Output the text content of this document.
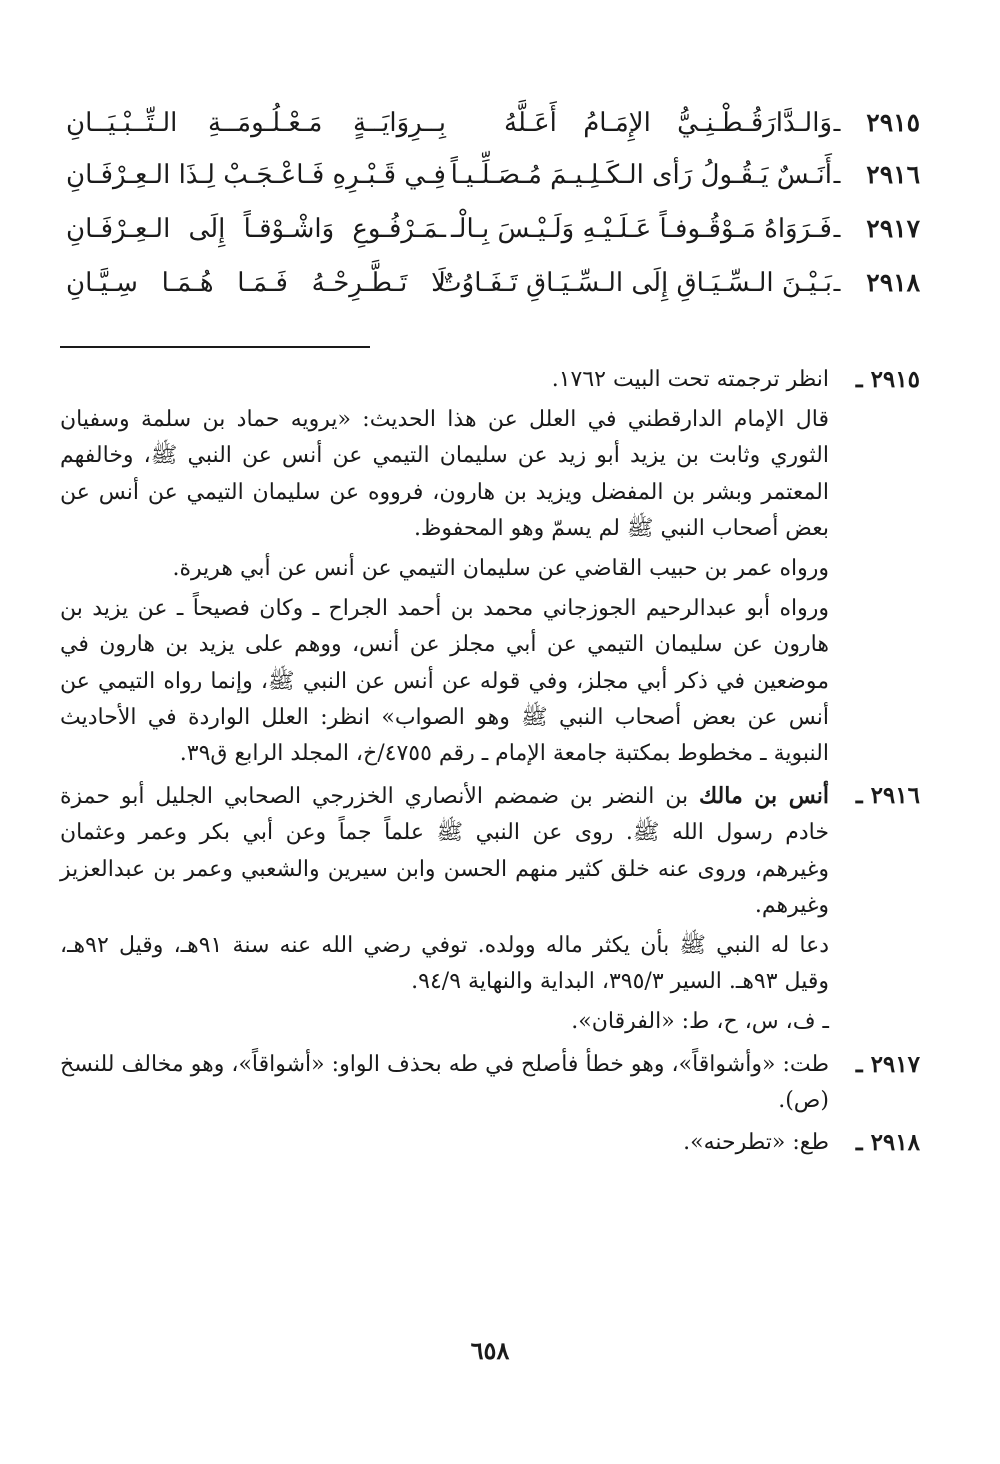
٢٩١٥
ـ
وَالـدَّارَقُـطْـنِـيُّ الإِمَـامُ أَعَـلَّهُ
بِــرِوَايَــةٍ مَـعْـلُـومَــةِ الـتِّــبْـيَــانِ
٢٩١٦
ـ
أَنَـسٌ يَـقُـولُ رَأى الـكَـلِـيـمَ مُـصَـلِّـيـاً
فِـي قَـبْـرِهِ فَـاعْـجَـبْ لِـذَا الـعِـرْفَـانِ
٢٩١٧
ـ
فَـرَوَاهُ مَـوْقُـوفـاً عَـلَـيْـهِ وَلَـيْـسَ بِـالْـ
ـمَـرْفُـوعِ وَاشْـوْقـاً إِلَى الـعِـرْفَـانِ
٢٩١٨
ـ
بَـيْـنَ الـسِّـيَـاقِ إِلَى الـسِّـيَـاقِ تَـفَـاوُتٌ
لَا تَـطَّـرِحْـهُ فَـمَـا هُـمَـا سِـيَّـانِ
٢٩١٥ ـ

انظر ترجمته تحت البيت ١٧٦٢.

قال الإمام الدارقطني في العلل عن هذا الحديث: «يرويه حماد بن سلمة وسفيان الثوري وثابت بن يزيد أبو زيد عن سليمان التيمي عن أنس عن النبي ﷺ، وخالفهم المعتمر وبشر بن المفضل ويزيد بن هارون، فرووه عن سليمان التيمي عن أنس عن بعض أصحاب النبي ﷺ لم يسمّ وهو المحفوظ.

ورواه عمر بن حبيب القاضي عن سليمان التيمي عن أنس عن أبي هريرة.

ورواه أبو عبدالرحيم الجوزجاني محمد بن أحمد الجراح ـ وكان فصيحاً ـ عن يزيد بن هارون عن سليمان التيمي عن أبي مجلز عن أنس، ووهم على يزيد بن هارون في موضعين في ذكر أبي مجلز، وفي قوله عن أنس عن النبي ﷺ، وإنما رواه التيمي عن أنس عن بعض أصحاب النبي ﷺ وهو الصواب» انظر: العلل الواردة في الأحاديث النبوية ـ مخطوط بمكتبة جامعة الإمام ـ رقم ٤٧٥٥/خ، المجلد الرابع ق٣٩.

٢٩١٦ ـ

أنس بن مالك بن النضر بن ضمضم الأنصاري الخزرجي الصحابي الجليل أبو حمزة خادم رسول الله ﷺ. روى عن النبي ﷺ علماً جماً وعن أبي بكر وعمر وعثمان وغيرهم، وروى عنه خلق كثير منهم الحسن وابن سيرين والشعبي وعمر بن عبدالعزيز وغيرهم.

دعا له النبي ﷺ بأن يكثر ماله وولده. توفي رضي الله عنه سنة ٩١هـ، وقيل ٩٢هـ، وقيل ٩٣هـ. السير ٣٩٥/٣، البداية والنهاية ٩٤/٩.

ـ ف، س، ح، ط: «الفرقان».

٢٩١٧ ـ

طت: «وأشواقاً»، وهو خطأ فأصلح في طه بحذف الواو: «أشواقاً»، وهو مخالف للنسخ (ص).

٢٩١٨ ـ

طع: «تطرحنه».

٦٥٨
